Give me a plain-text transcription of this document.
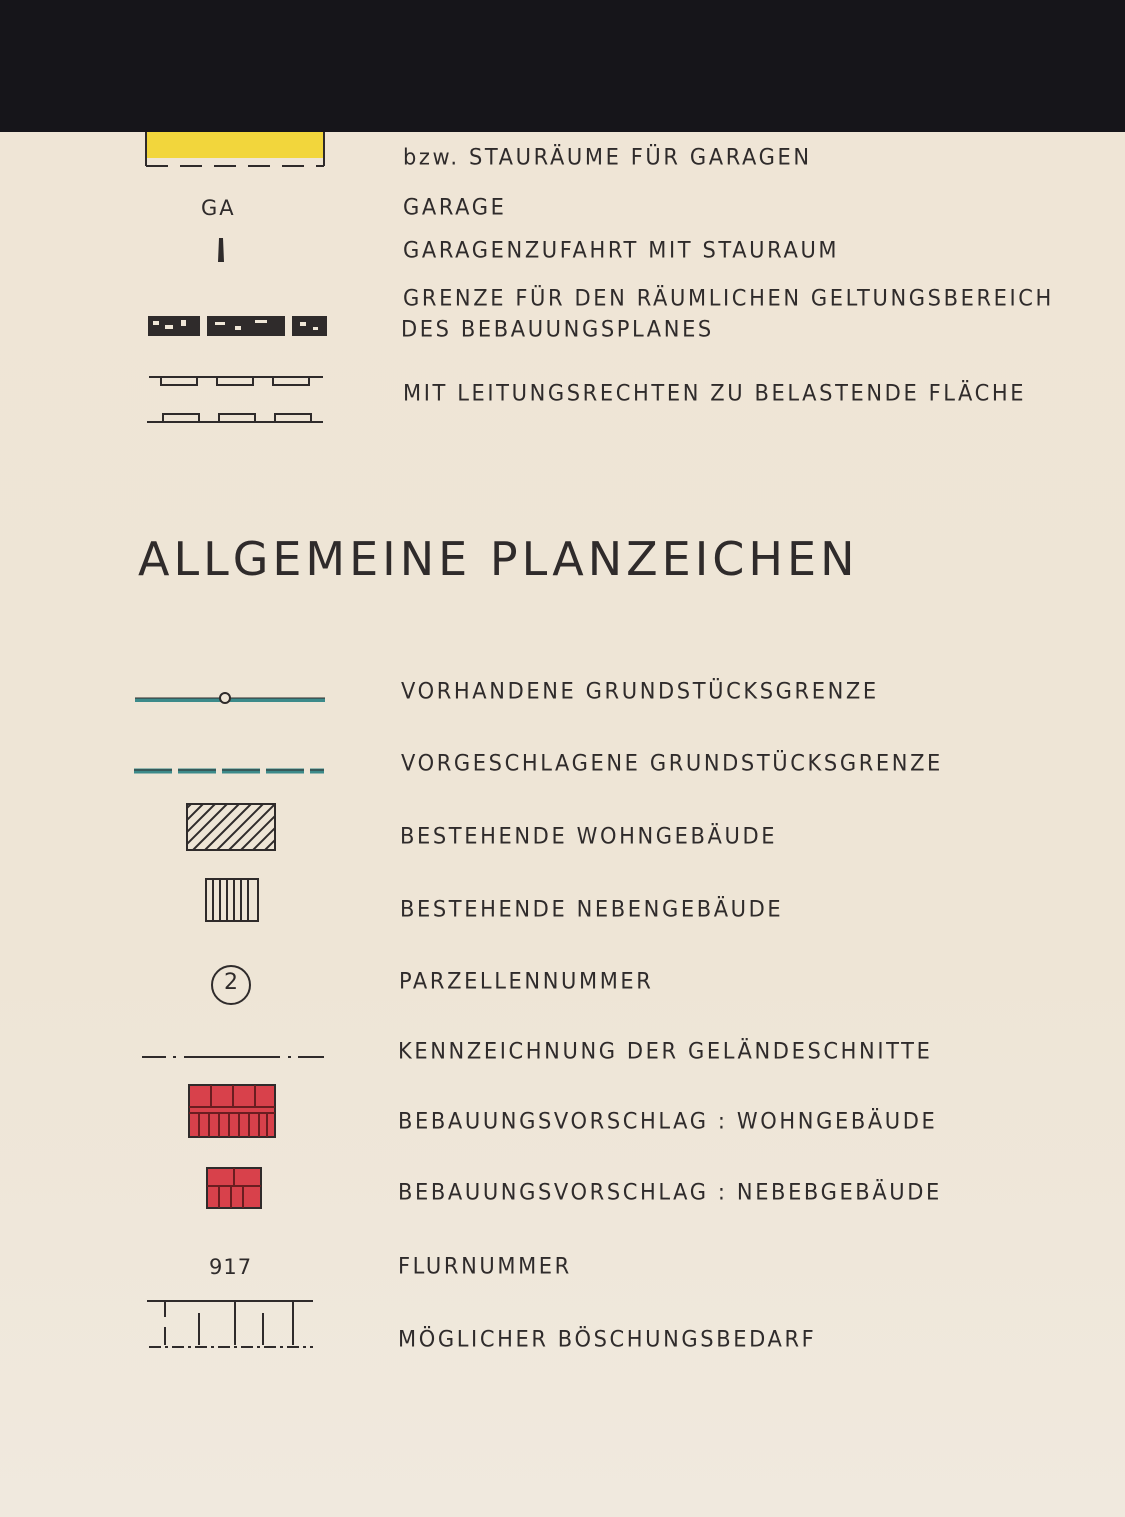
bzw. STAURÄUME FÜR GARAGEN
GA	GARAGE
GARAGENZUFAHRT MIT STAURAUM
GRENZE FÜR DEN RÄUMLICHEN GELTUNGSBEREICH
DES BEBAUUNGSPLANES
MIT LEITUNGSRECHTEN ZU BELASTENDE FLÄCHE
ALLGEMEINE PLANZEICHEN
VORHANDENE GRUNDSTÜCKSGRENZE
VORGESCHLAGENE GRUNDSTÜCKSGRENZE
BESTEHENDE WOHNGEBÄUDE
BESTEHENDE NEBENGEBÄUDE
2	PARZELLENNUMMER
KENNZEICHNUNG DER GELÄNDESCHNITTE
BEBAUUNGSVORSCHLAG : WOHNGEBÄUDE
BEBAUUNGSVORSCHLAG : NEBEBGEBÄUDE
917	FLURNUMMER
MÖGLICHER BÖSCHUNGSBEDARF
